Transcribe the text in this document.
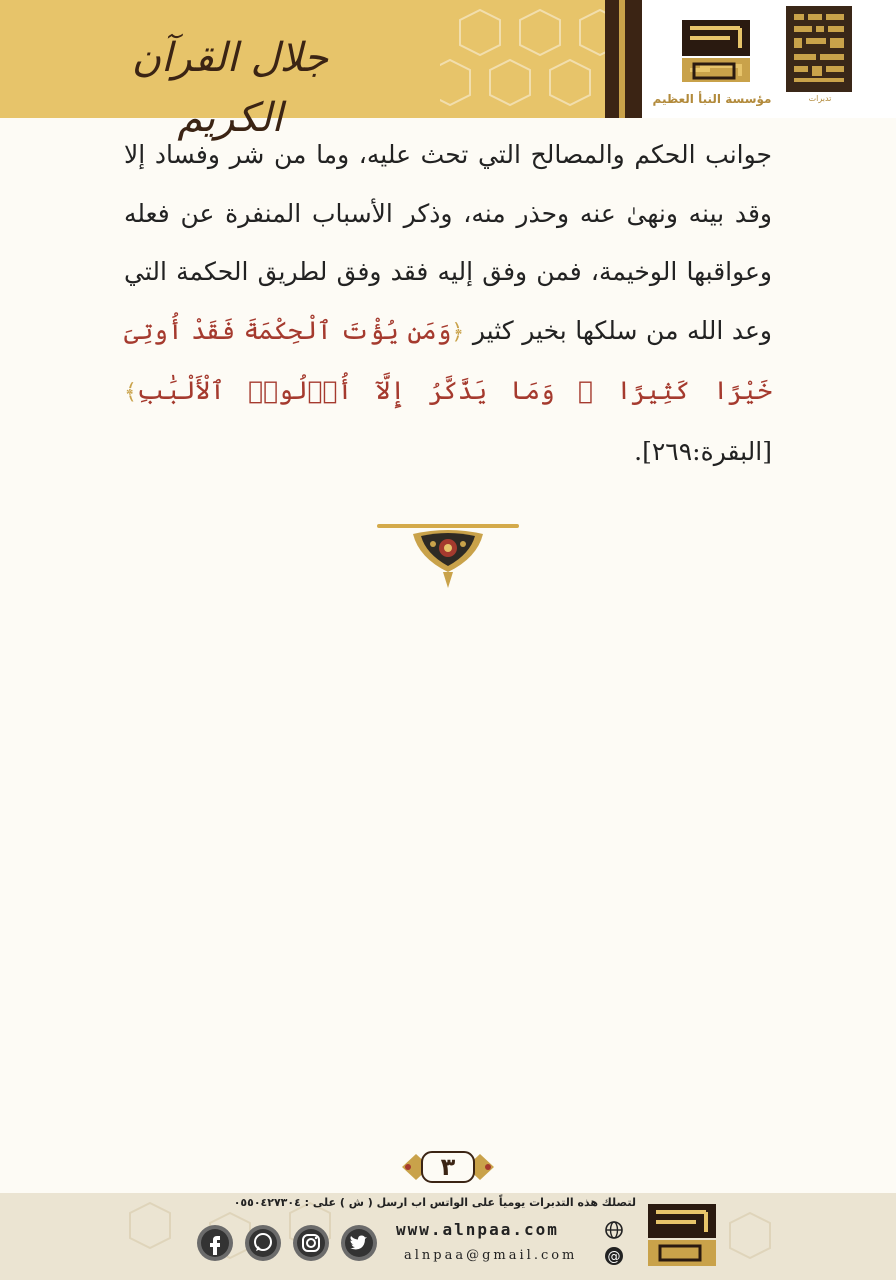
جلال القرآن الكريم	مؤسسة النبأ العظيم	تدبرات

جوانب الحكم والمصالح التي تحث عليه، وما من شر وفساد إلا وقد بينه ونهىٰ عنه وحذر منه، وذكر الأسباب المنفرة عن فعله وعواقبها الوخيمة، فمن وفق إليه فقد وفق لطريق الحكمة التي وعد الله من سلكها بخير كثير ﴿وَمَن يُؤْتَ ٱلْحِكْمَةَ فَقَدْ أُوتِىَ خَيْرًا كَثِيرًا ۗ وَمَا يَذَّكَّرُ إِلَّآ أُو۟لُوا۟ ٱلْأَلْبَٰبِ﴾ [البقرة:٢٦٩].

٣
لتصلك هذه التدبرات يومياً على الواتس اب ارسل ( ش ) على : ٠٥٥٠٤٢٧٣٠٤
www.alnpaa.com
alnpaa@gmail.com	@
